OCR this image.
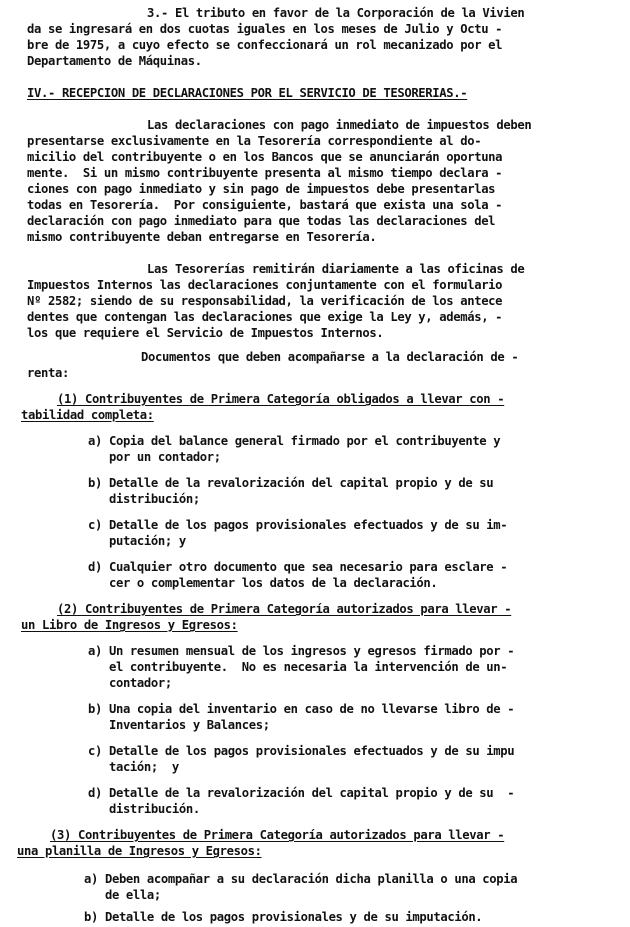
3.- El tributo en favor de la Corporación de la Vivien
da se ingresará en dos cuotas iguales en los meses de Julio y Octu -
bre de 1975, a cuyo efecto se confeccionará un rol mecanizado por el
Departamento de Máquinas.
IV.- RECEPCION DE DECLARACIONES POR EL SERVICIO DE TESORERIAS.-
Las declaraciones con pago inmediato de impuestos deben
presentarse exclusivamente en la Tesorería correspondiente al do-
micilio del contribuyente o en los Bancos que se anunciarán oportuna
mente.  Si un mismo contribuyente presenta al mismo tiempo declara -
ciones con pago inmediato y sin pago de impuestos debe presentarlas
todas en Tesorería.  Por consiguiente, bastará que exista una sola -
declaración con pago inmediato para que todas las declaraciones del
mismo contribuyente deban entregarse en Tesorería.
Las Tesorerías remitirán diariamente a las oficinas de
Impuestos Internos las declaraciones conjuntamente con el formulario
Nº 2582; siendo de su responsabilidad, la verificación de los antece
dentes que contengan las declaraciones que exige la Ley y, además, -
los que requiere el Servicio de Impuestos Internos.
Documentos que deben acompañarse a la declaración de -
renta:
(1) Contribuyentes de Primera Categoría obligados a llevar con -
tabilidad completa:
a) Copia del balance general firmado por el contribuyente y
por un contador;
b) Detalle de la revalorización del capital propio y de su
distribución;
c) Detalle de los pagos provisionales efectuados y de su im-
putación; y
d) Cualquier otro documento que sea necesario para esclare -
cer o complementar los datos de la declaración.
(2) Contribuyentes de Primera Categoría autorizados para llevar -
un Libro de Ingresos y Egresos:
a) Un resumen mensual de los ingresos y egresos firmado por -
el contribuyente.  No es necesaria la intervención de un-
contador;
b) Una copia del inventario en caso de no llevarse libro de -
Inventarios y Balances;
c) Detalle de los pagos provisionales efectuados y de su impu
tación;  y
d) Detalle de la revalorización del capital propio y de su  -
distribución.
(3) Contribuyentes de Primera Categoría autorizados para llevar -
una planilla de Ingresos y Egresos:
a) Deben acompañar a su declaración dicha planilla o una copia
de ella;
b) Detalle de los pagos provisionales y de su imputación.
